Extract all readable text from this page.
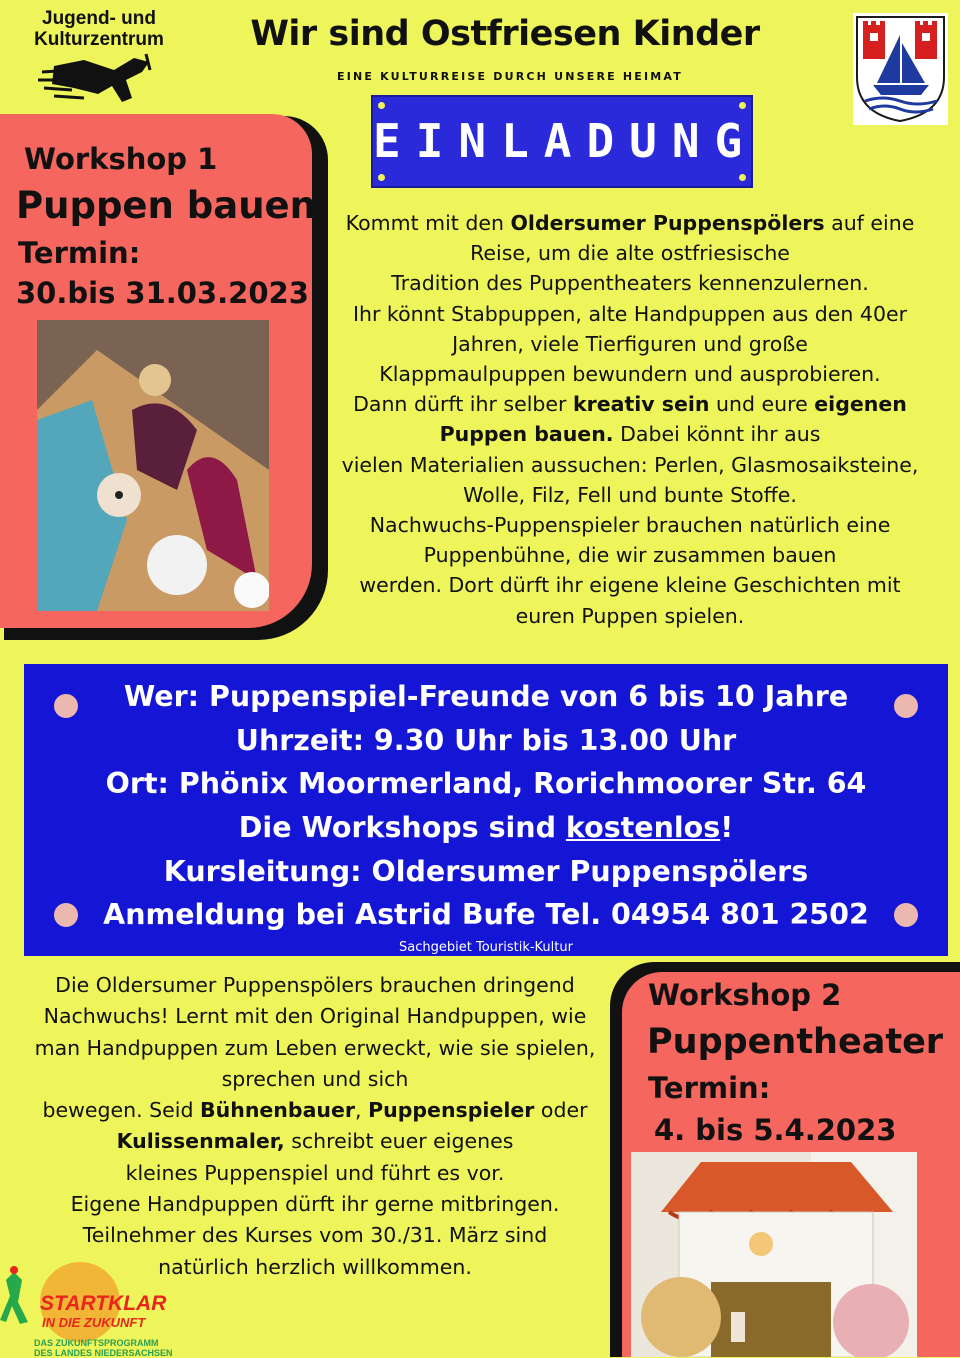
Jugend- und
Kulturzentrum	Wir sind Ostfriesen Kinder
EINE KULTURREISE DURCH UNSERE HEIMAT
EINLADUNG
Workshop 1
Puppen bauen
Termin:
30.bis 31.03.2023
Kommt mit den Oldersumer Puppenspölers auf eine
Reise, um die alte ostfriesische
Tradition des Puppentheaters kennenzulernen.
Ihr könnt Stabpuppen, alte Handpuppen aus den 40er
Jahren, viele Tierfiguren und große
Klappmaulpuppen bewundern und ausprobieren.
Dann dürft ihr selber kreativ sein und eure eigenen
Puppen bauen. Dabei könnt ihr aus
vielen Materialien aussuchen: Perlen, Glasmosaiksteine,
Wolle, Filz, Fell und bunte Stoffe.
Nachwuchs-Puppenspieler brauchen natürlich eine
Puppenbühne, die wir zusammen bauen
werden. Dort dürft ihr eigene kleine Geschichten mit
euren Puppen spielen.
Wer: Puppenspiel-Freunde von 6 bis 10 Jahre
Uhrzeit: 9.30 Uhr bis 13.00 Uhr
Ort: Phönix Moormerland, Rorichmoorer Str. 64
Die Workshops sind kostenlos!
Kursleitung: Oldersumer Puppenspölers
Anmeldung bei Astrid Bufe Tel. 04954 801 2502
Sachgebiet Touristik-Kultur
Die Oldersumer Puppenspölers brauchen dringend
Nachwuchs! Lernt mit den Original Handpuppen, wie
man Handpuppen zum Leben erweckt, wie sie spielen,
sprechen und sich
bewegen. Seid Bühnenbauer, Puppenspieler oder
Kulissenmaler, schreibt euer eigenes
kleines Puppenspiel und führt es vor.
Eigene Handpuppen dürft ihr gerne mitbringen.
Teilnehmer des Kurses vom 30./31. März sind
natürlich herzlich willkommen.
Workshop 2
Puppentheater
Termin:
4. bis 5.4.2023
STARTKLAR
IN DIE ZUKUNFT
DAS ZUKUNFTSPROGRAMM
DES LANDES NIEDERSACHSEN
